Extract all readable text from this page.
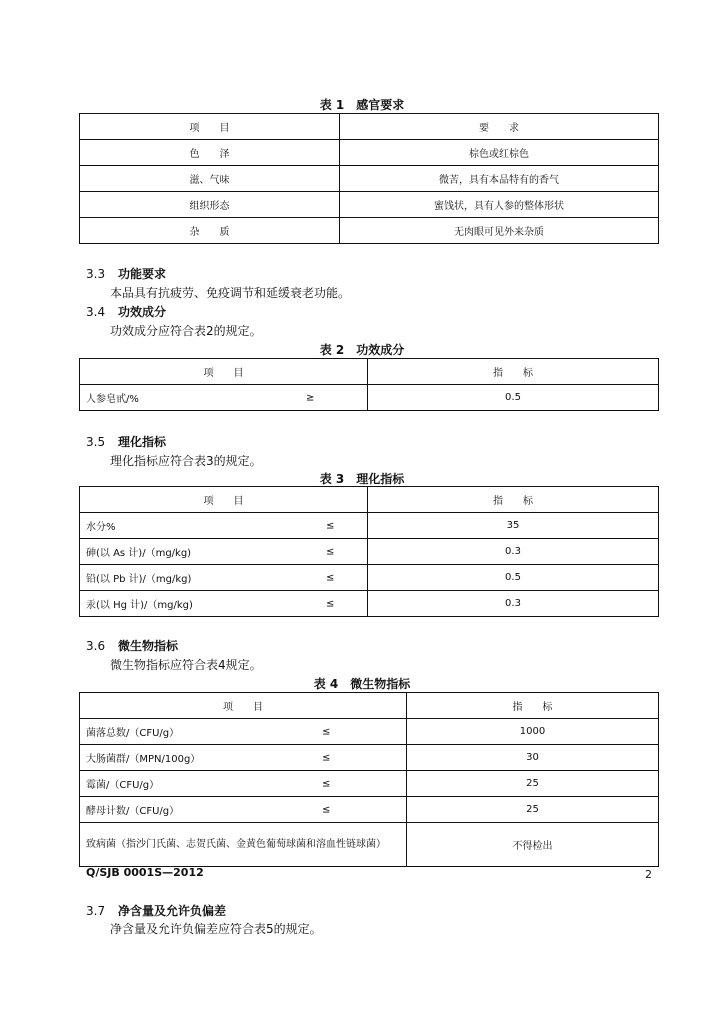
表 1　感官要求
项　　目	要　　求
色　　泽	棕色或红棕色
滋、气味	微苦，具有本品特有的香气
组织形态	蜜饯状，具有人参的整体形状
杂　　质	无肉眼可见外来杂质
3.3 功能要求
本品具有抗疲劳、免疫调节和延缓衰老功能。
3.4 功效成分
功效成分应符合表2的规定。
表 2　功效成分
项　　目	指　　标
人参皂甙/% ≥	0.5
3.5 理化指标
理化指标应符合表3的规定。
表 3　理化指标
项　　目	指　　标
水分% ≤	35
砷(以 As 计)/（mg/kg) ≤	0.3
铅(以 Pb 计)/（mg/kg) ≤	0.5
汞(以 Hg 计)/（mg/kg) ≤	0.3
3.6 微生物指标
微生物指标应符合表4规定。
表 4　微生物指标
项　　目	指　　标
菌落总数/（CFU/g） ≤	1000
大肠菌群/（MPN/100g） ≤	30
霉菌/（CFU/g） ≤	25
酵母计数/（CFU/g） ≤	25
致病菌（指沙门氏菌、志贺氏菌、金黄色葡萄球菌和溶血性链球菌）	不得检出
Q/SJB 0001S—2012	2
3.7 净含量及允许负偏差
净含量及允许负偏差应符合表5的规定。
